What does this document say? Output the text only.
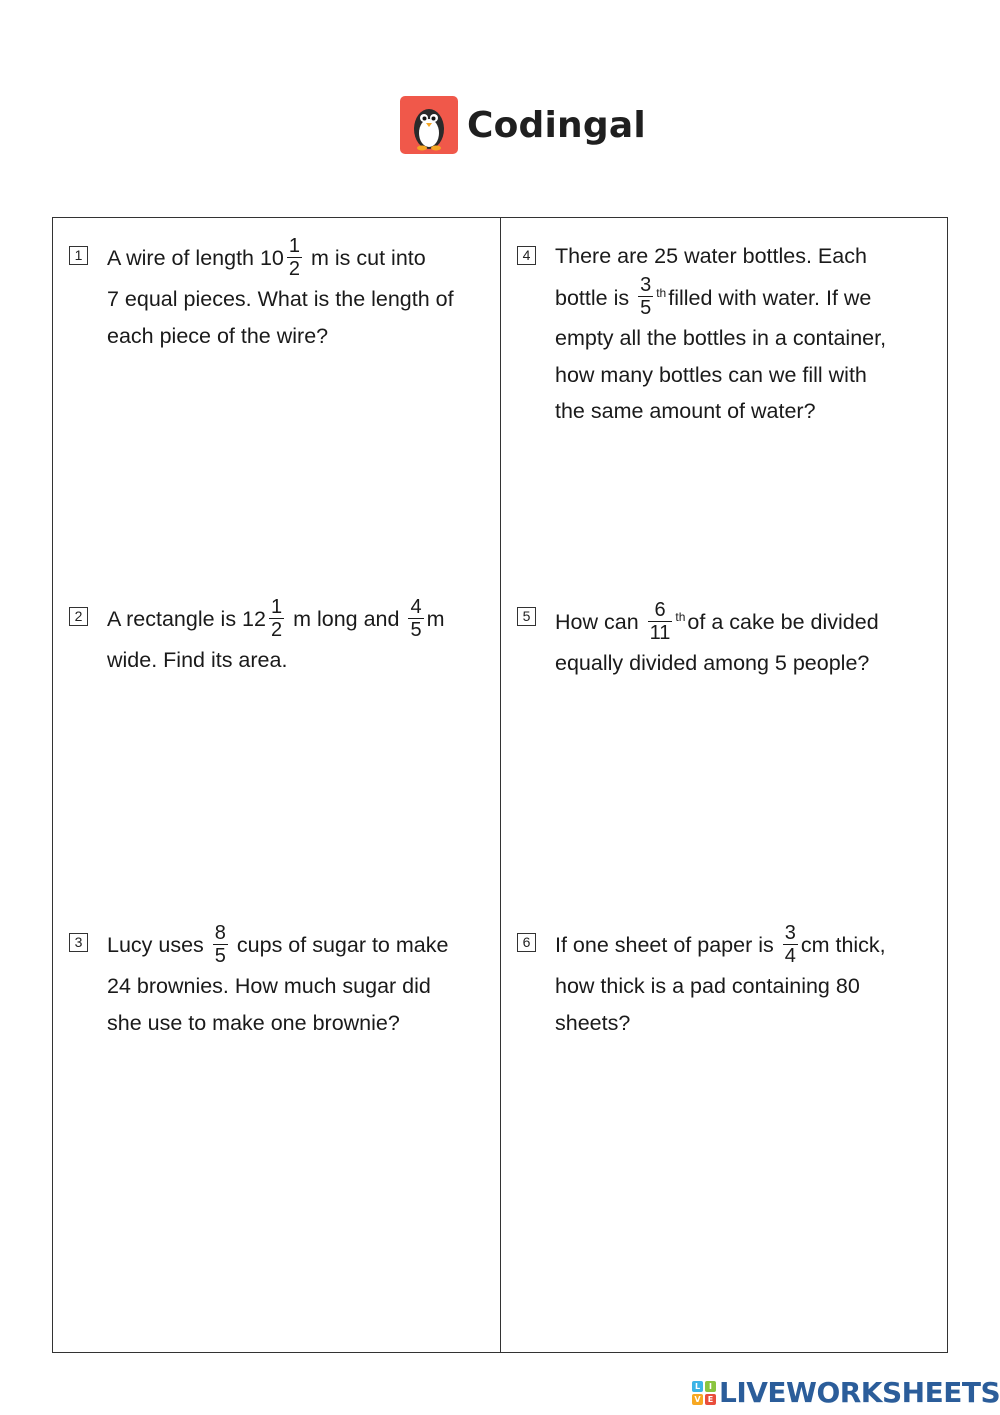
Codingal
1 A wire of length $10 \frac{1}{2}$ m is cut into
7 equal pieces. What is the length of
each piece of the wire?
2 A rectangle is $12 \frac{1}{2}$ m long and $\frac{4}{5}$ m
wide. Find its area.
3 Lucy uses $\frac{8}{5}$ cups of sugar to make
24 brownies. How much sugar did
she use to make one brownie?
4 There are 25 water bottles. Each
bottle is $\frac{3}{5}$ $^{th}$filled with water. If we
empty all the bottles in a container,
how many bottles can we fill with
the same amount of water?
5 How can $\frac{6}{11} ^{th}of$ a cake be divided
equally divided among 5 people?
6 If one sheet of paper is $\frac{3}{4}$ cm thick,
how thick is a pad containing 80
sheets?
L	I
V E LIVEWORKSHEETS
